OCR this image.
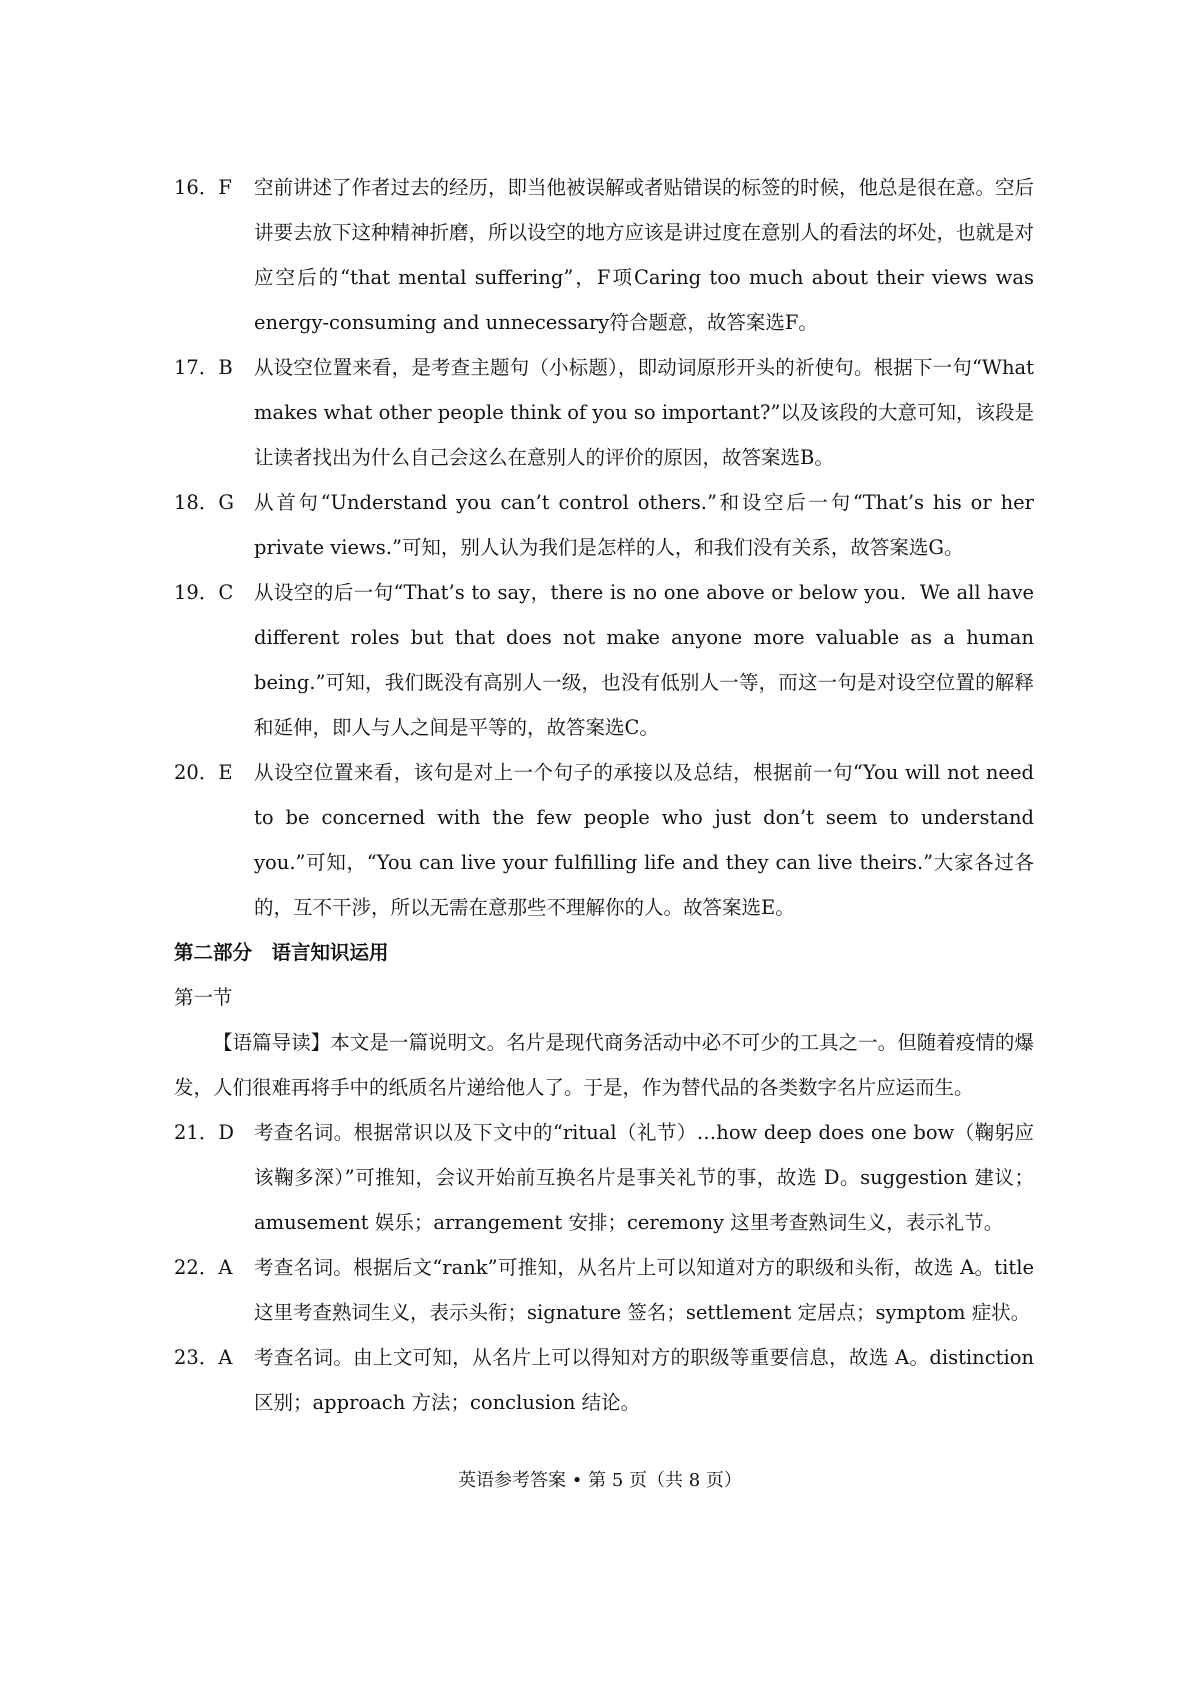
16．F 空前讲述了作者过去的经历，即当他被误解或者贴错误的标签的时候，他总是很在意。空后讲要去放下这种精神折磨，所以设空的地方应该是讲过度在意别人的看法的坏处，也就是对应空后的“that mental suffering”，F项Caring too much about their views was energy-consuming and unnecessary符合题意，故答案选F。

17．B 从设空位置来看，是考查主题句（小标题），即动词原形开头的祈使句。根据下一句“What makes what other people think of you so important?”以及该段的大意可知，该段是让读者找出为什么自己会这么在意别人的评价的原因，故答案选B。

18．G 从首句“Understand you can’t control others.”和设空后一句“That’s his or her private views.”可知，别人认为我们是怎样的人，和我们没有关系，故答案选G。

19．C 从设空的后一句“That’s to say，there is no one above or below you．We all have different roles but that does not make anyone more valuable as a human being.”可知，我们既没有高别人一级，也没有低别人一等，而这一句是对设空位置的解释和延伸，即人与人之间是平等的，故答案选C。

20．E 从设空位置来看，该句是对上一个句子的承接以及总结，根据前一句“You will not need to be concerned with the few people who just don’t seem to understand you.”可知，“You can live your fulfilling life and they can live theirs.”大家各过各的，互不干涉，所以无需在意那些不理解你的人。故答案选E。

第二部分　语言知识运用

第一节

【语篇导读】本文是一篇说明文。名片是现代商务活动中必不可少的工具之一。但随着疫情的爆发，人们很难再将手中的纸质名片递给他人了。于是，作为替代品的各类数字名片应运而生。

21．D 考查名词。根据常识以及下文中的“ritual（礼节）…how deep does one bow（鞠躬应该鞠多深）”可推知，会议开始前互换名片是事关礼节的事，故选 D。suggestion 建议；amusement 娱乐；arrangement 安排；ceremony 这里考查熟词生义，表示礼节。

22．A 考查名词。根据后文“rank”可推知，从名片上可以知道对方的职级和头衔，故选 A。title 这里考查熟词生义，表示头衔；signature 签名；settlement 定居点；symptom 症状。

23．A 考查名词。由上文可知，从名片上可以得知对方的职级等重要信息，故选 A。distinction 区别；approach 方法；conclusion 结论。

英语参考答案 • 第 5 页（共 8 页）
